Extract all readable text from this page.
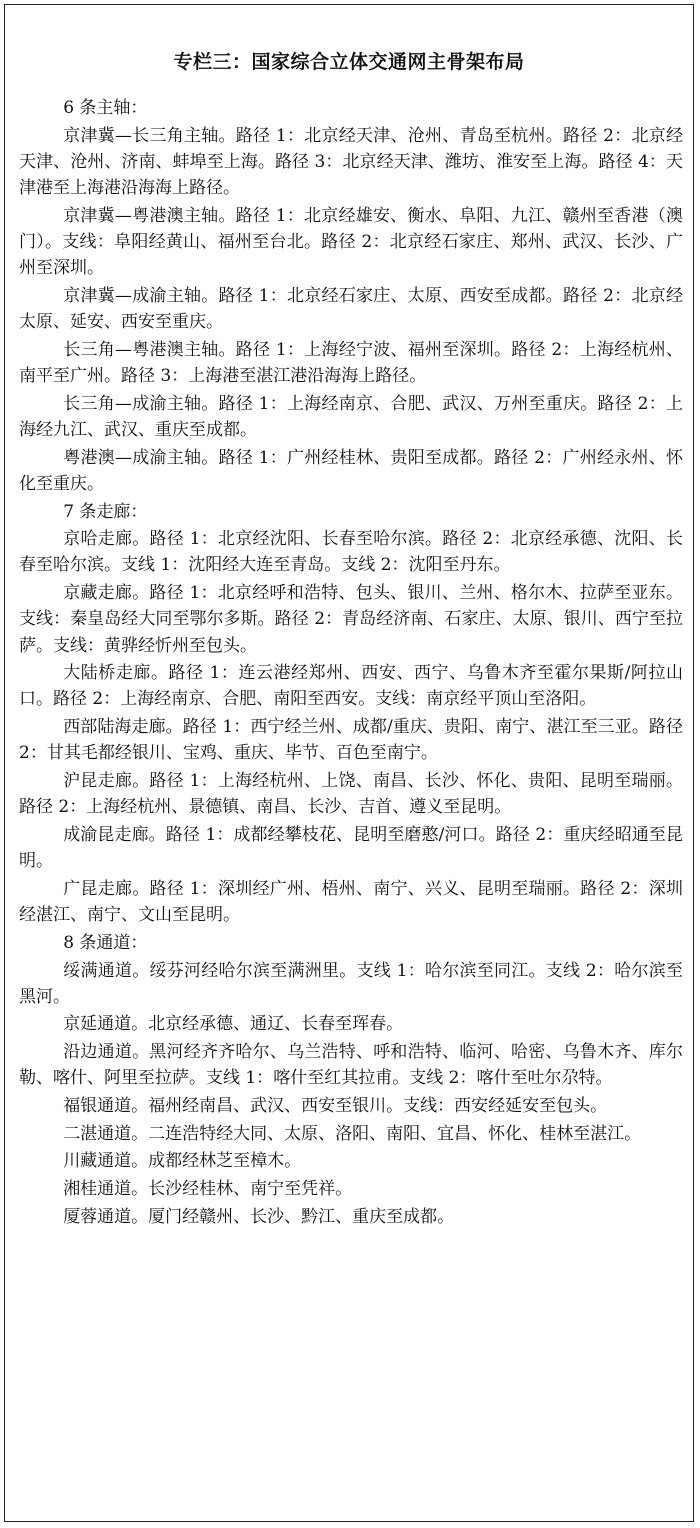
专栏三：国家综合立体交通网主骨架布局

6 条主轴：

京津冀—长三角主轴。路径 1：北京经天津、沧州、青岛至杭州。路径 2：北京经天津、沧州、济南、蚌埠至上海。路径 3：北京经天津、潍坊、淮安至上海。路径 4：天津港至上海港沿海海上路径。

京津冀—粤港澳主轴。路径 1：北京经雄安、衡水、阜阳、九江、赣州至香港（澳门）。支线：阜阳经黄山、福州至台北。路径 2：北京经石家庄、郑州、武汉、长沙、广州至深圳。

京津冀—成渝主轴。路径 1：北京经石家庄、太原、西安至成都。路径 2：北京经太原、延安、西安至重庆。

长三角—粤港澳主轴。路径 1：上海经宁波、福州至深圳。路径 2：上海经杭州、南平至广州。路径 3：上海港至湛江港沿海海上路径。

长三角—成渝主轴。路径 1：上海经南京、合肥、武汉、万州至重庆。路径 2：上海经九江、武汉、重庆至成都。

粤港澳—成渝主轴。路径 1：广州经桂林、贵阳至成都。路径 2：广州经永州、怀化至重庆。

7 条走廊：

京哈走廊。路径 1：北京经沈阳、长春至哈尔滨。路径 2：北京经承德、沈阳、长春至哈尔滨。支线 1：沈阳经大连至青岛。支线 2：沈阳至丹东。

京藏走廊。路径 1：北京经呼和浩特、包头、银川、兰州、格尔木、拉萨至亚东。支线：秦皇岛经大同至鄂尔多斯。路径 2：青岛经济南、石家庄、太原、银川、西宁至拉萨。支线：黄骅经忻州至包头。

大陆桥走廊。路径 1：连云港经郑州、西安、西宁、乌鲁木齐至霍尔果斯/阿拉山口。路径 2：上海经南京、合肥、南阳至西安。支线：南京经平顶山至洛阳。

西部陆海走廊。路径 1：西宁经兰州、成都/重庆、贵阳、南宁、湛江至三亚。路径 2：甘其毛都经银川、宝鸡、重庆、毕节、百色至南宁。

沪昆走廊。路径 1：上海经杭州、上饶、南昌、长沙、怀化、贵阳、昆明至瑞丽。路径 2：上海经杭州、景德镇、南昌、长沙、吉首、遵义至昆明。

成渝昆走廊。路径 1：成都经攀枝花、昆明至磨憨/河口。路径 2：重庆经昭通至昆明。

广昆走廊。路径 1：深圳经广州、梧州、南宁、兴义、昆明至瑞丽。路径 2：深圳经湛江、南宁、文山至昆明。

8 条通道：

绥满通道。绥芬河经哈尔滨至满洲里。支线 1：哈尔滨至同江。支线 2：哈尔滨至黑河。

京延通道。北京经承德、通辽、长春至珲春。

沿边通道。黑河经齐齐哈尔、乌兰浩特、呼和浩特、临河、哈密、乌鲁木齐、库尔勒、喀什、阿里至拉萨。支线 1：喀什至红其拉甫。支线 2：喀什至吐尔尕特。

福银通道。福州经南昌、武汉、西安至银川。支线：西安经延安至包头。

二湛通道。二连浩特经大同、太原、洛阳、南阳、宜昌、怀化、桂林至湛江。

川藏通道。成都经林芝至樟木。

湘桂通道。长沙经桂林、南宁至凭祥。

厦蓉通道。厦门经赣州、长沙、黔江、重庆至成都。
